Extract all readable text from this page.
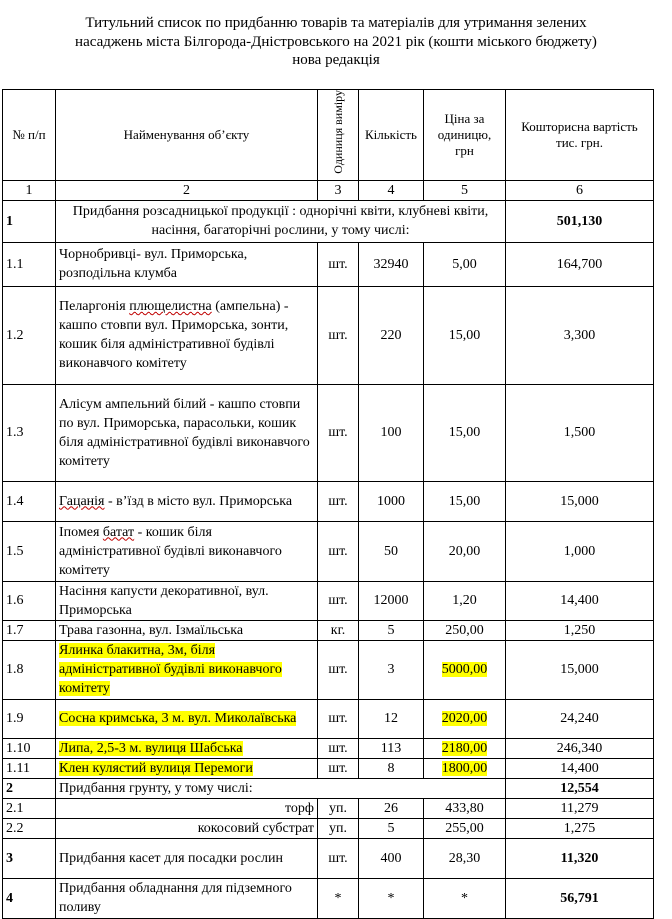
Титульний список по придбанню товарів та матеріалів для утримання зелених
насаджень міста Білгорода-Дністровського на 2021 рік (кошти міського бюджету)
нова редакція
№ п/п	Найменування об’єкту	Одиниця виміру	Кількість	Ціна за одиницю, грн	Кошторисна вартість тис. грн.
1	2	3	4	5	6
1	Придбання розсадницької продукції : однорічні квіти, клубневі квіти, насіння, багаторічні рослини, у тому числі:				501,130
1.1	Чорнобривці- вул. Приморська, розподільна клумба	шт.	32940	5,00	164,700
1.2	Пеларгонія плющелистна (ампельна) - кашпо стовпи вул. Приморська, зонти, кошик біля адміністративної будівлі виконавчого комітету	шт.	220	15,00	3,300
1.3	Алісум ампельний білий - кашпо стовпи по вул. Приморська, парасольки, кошик біля адміністративної будівлі виконавчого комітету	шт.	100	15,00	1,500
1.4	Гацанія - в’їзд в місто вул. Приморська	шт.	1000	15,00	15,000
1.5	Іпомея батат - кошик біля адміністративної будівлі виконавчого комітету	шт.	50	20,00	1,000
1.6	Насіння капусти декоративної, вул. Приморська	шт.	12000	1,20	14,400
1.7	Трава газонна, вул. Ізмаїльська	кг.	5	250,00	1,250
1.8	Ялинка блакитна, 3м, біля адміністративної будівлі виконавчого комітету	шт.	3	5000,00	15,000
1.9	Сосна кримська, 3 м. вул. Миколаївська	шт.	12	2020,00	24,240
1.10	Липа, 2,5-3 м. вулиця Шабська	шт.	113	2180,00	246,340
1.11	Клен кулястий вулиця Перемоги	шт.	8	1800,00	14,400
2	Придбання грунту, у тому числі:				12,554
2.1	торф	уп.	26	433,80	11,279
2.2	кокосовий субстрат	уп.	5	255,00	1,275
3	Придбання касет для посадки рослин	шт.	400	28,30	11,320
4	Придбання обладнання для підземного поливу	*	*	*	56,791
